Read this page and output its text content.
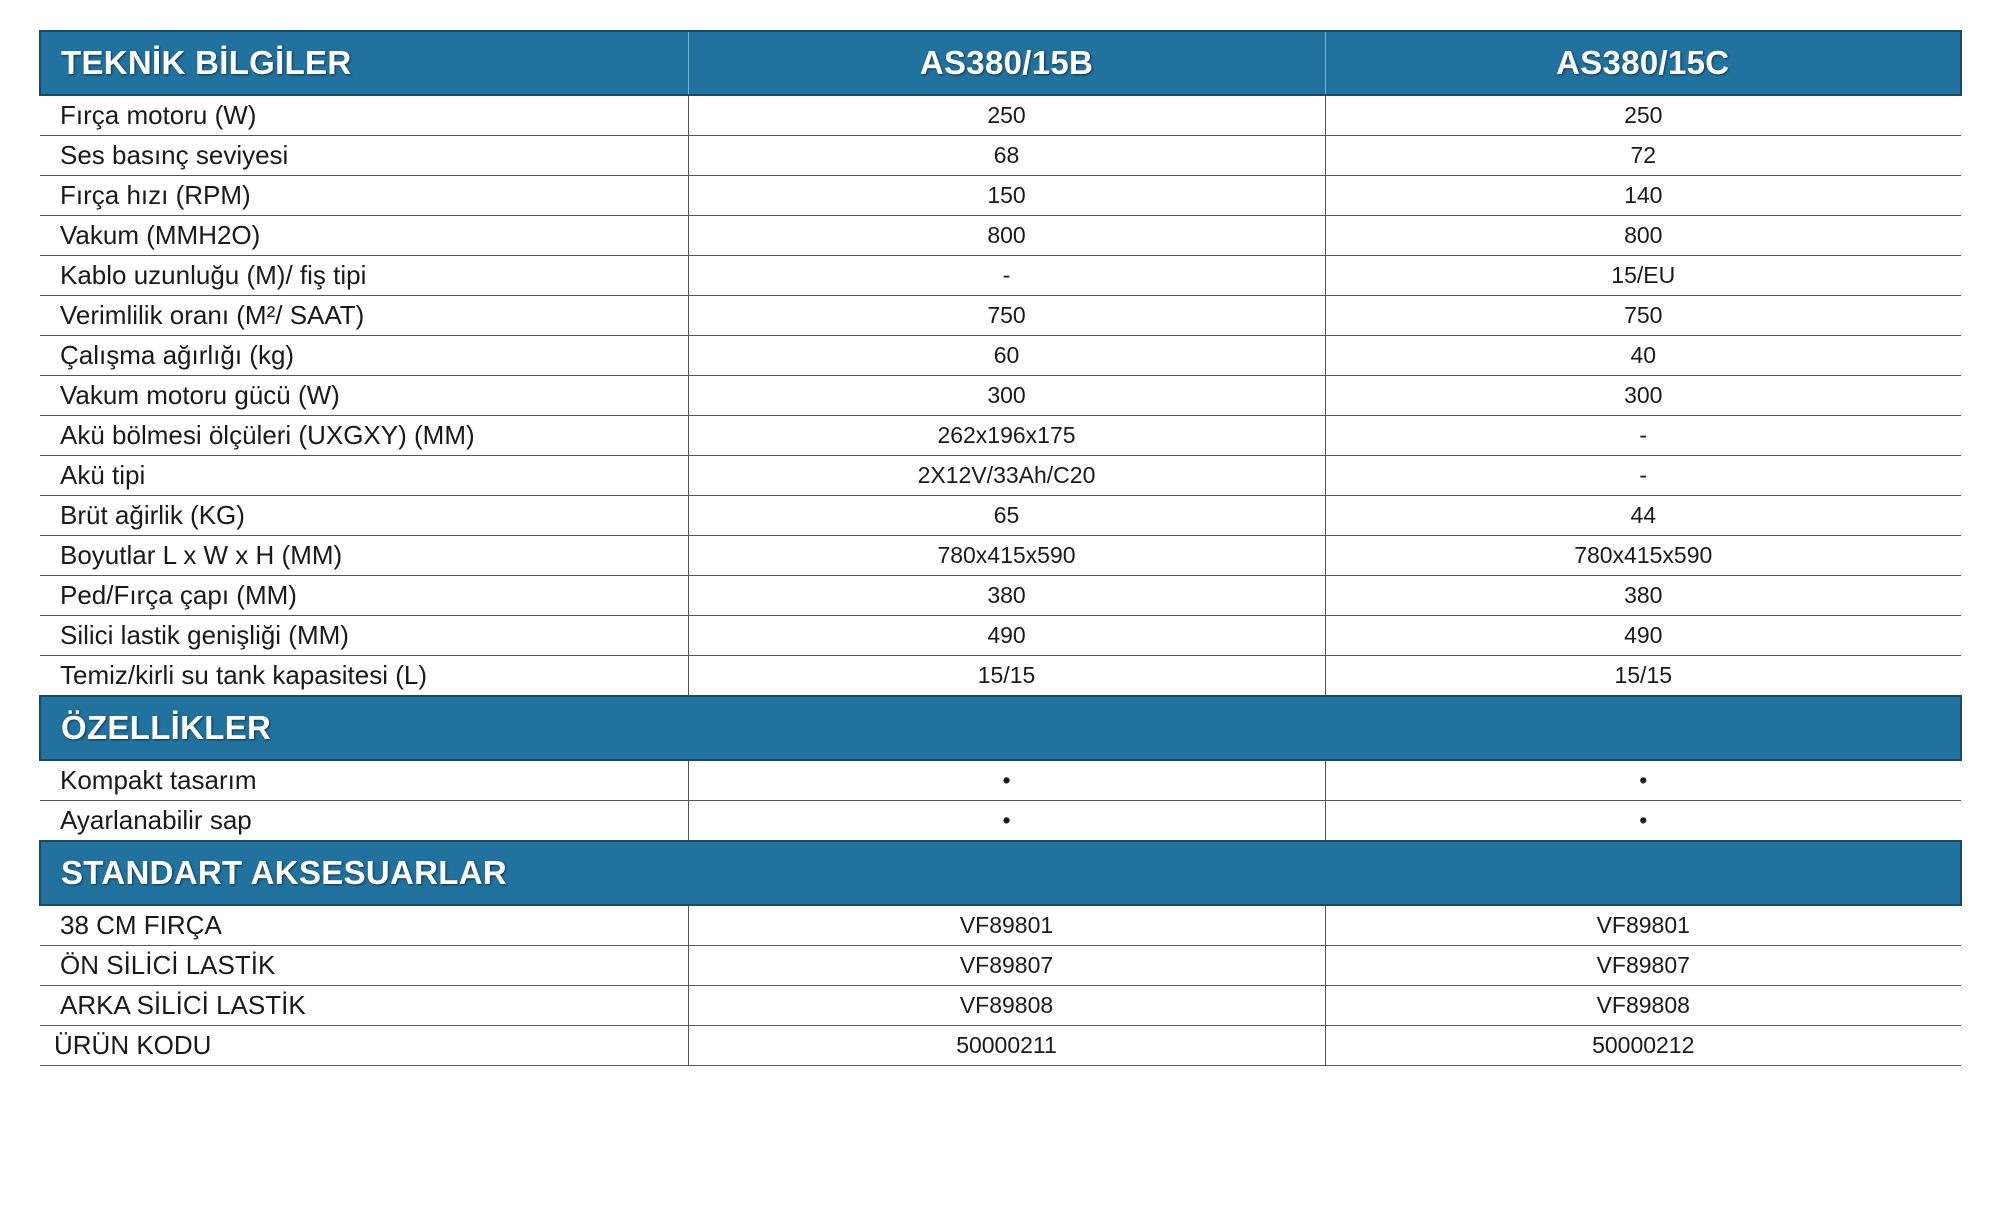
TEKNİK BİLGİLER	AS380/15B	AS380/15C
Fırça motoru (W)	250	250
Ses basınç seviyesi	68	72
Fırça hızı (RPM)	150	140
Vakum (MMH2O)	800	800
Kablo uzunluğu (M)/ fiş tipi	-	15/EU
Verimlilik oranı (M²/ SAAT)	750	750
Çalışma ağırlığı (kg)	60	40
Vakum motoru gücü (W)	300	300
Akü bölmesi ölçüleri (UXGXY) (MM)	262x196x175	-
Akü tipi	2X12V/33Ah/C20	-
Brüt ağirlik (KG)	65	44
Boyutlar L x W x H (MM)	780x415x590	780x415x590
Ped/Fırça çapı (MM)	380	380
Silici lastik genişliği (MM)	490	490
Temiz/kirli su tank kapasitesi (L)	15/15	15/15
ÖZELLİKLER		
Kompakt tasarım	•	•
Ayarlanabilir sap	•	•
STANDART AKSESUARLAR		
38 CM FIRÇA	VF89801	VF89801
ÖN SİLİCİ LASTİK	VF89807	VF89807
ARKA SİLİCİ LASTİK	VF89808	VF89808
ÜRÜN KODU	50000211	50000212
